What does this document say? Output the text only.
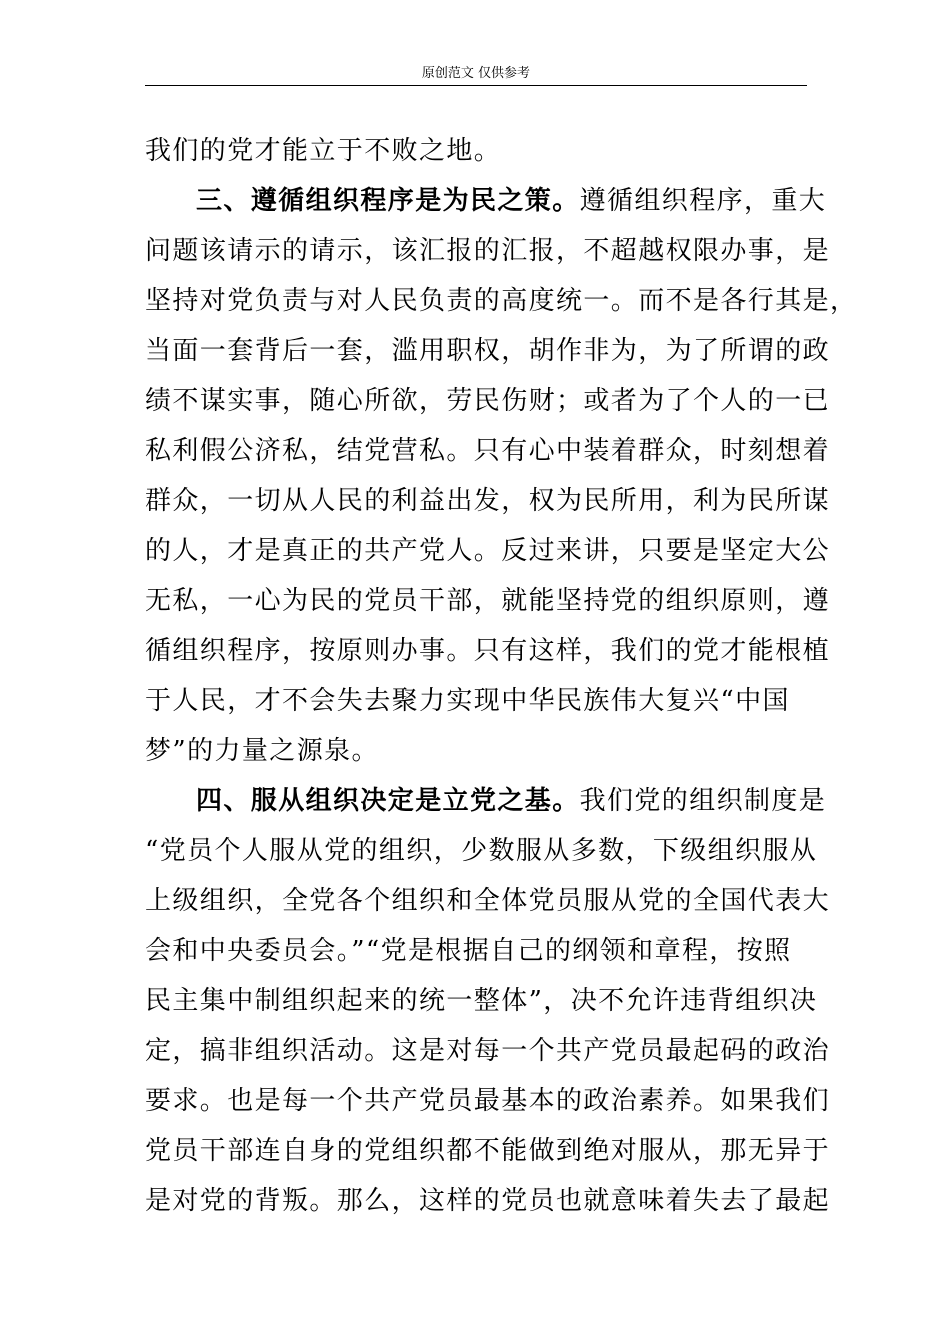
原创范文 仅供参考
我们的党才能立于不败之地。
三、遵循组织程序是为民之策。遵循组织程序，重大
问题该请示的请示，该汇报的汇报，不超越权限办事，是
坚持对党负责与对人民负责的高度统一。而不是各行其是，
当面一套背后一套，滥用职权，胡作非为，为了所谓的政
绩不谋实事，随心所欲，劳民伤财；或者为了个人的一已
私利假公济私，结党营私。只有心中装着群众，时刻想着
群众，一切从人民的利益出发，权为民所用，利为民所谋
的人，才是真正的共产党人。反过来讲，只要是坚定大公
无私，一心为民的党员干部，就能坚持党的组织原则，遵
循组织程序，按原则办事。只有这样，我们的党才能根植
于人民，才不会失去聚力实现中华民族伟大复兴“中国
梦”的力量之源泉。
四、服从组织决定是立党之基。我们党的组织制度是
“党员个人服从党的组织，少数服从多数，下级组织服从
上级组织，全党各个组织和全体党员服从党的全国代表大
会和中央委员会。”“党是根据自己的纲领和章程，按照
民主集中制组织起来的统一整体”，决不允许违背组织决
定，搞非组织活动。这是对每一个共产党员最起码的政治
要求。也是每一个共产党员最基本的政治素养。如果我们
党员干部连自身的党组织都不能做到绝对服从，那无异于
是对党的背叛。那么，这样的党员也就意味着失去了最起
